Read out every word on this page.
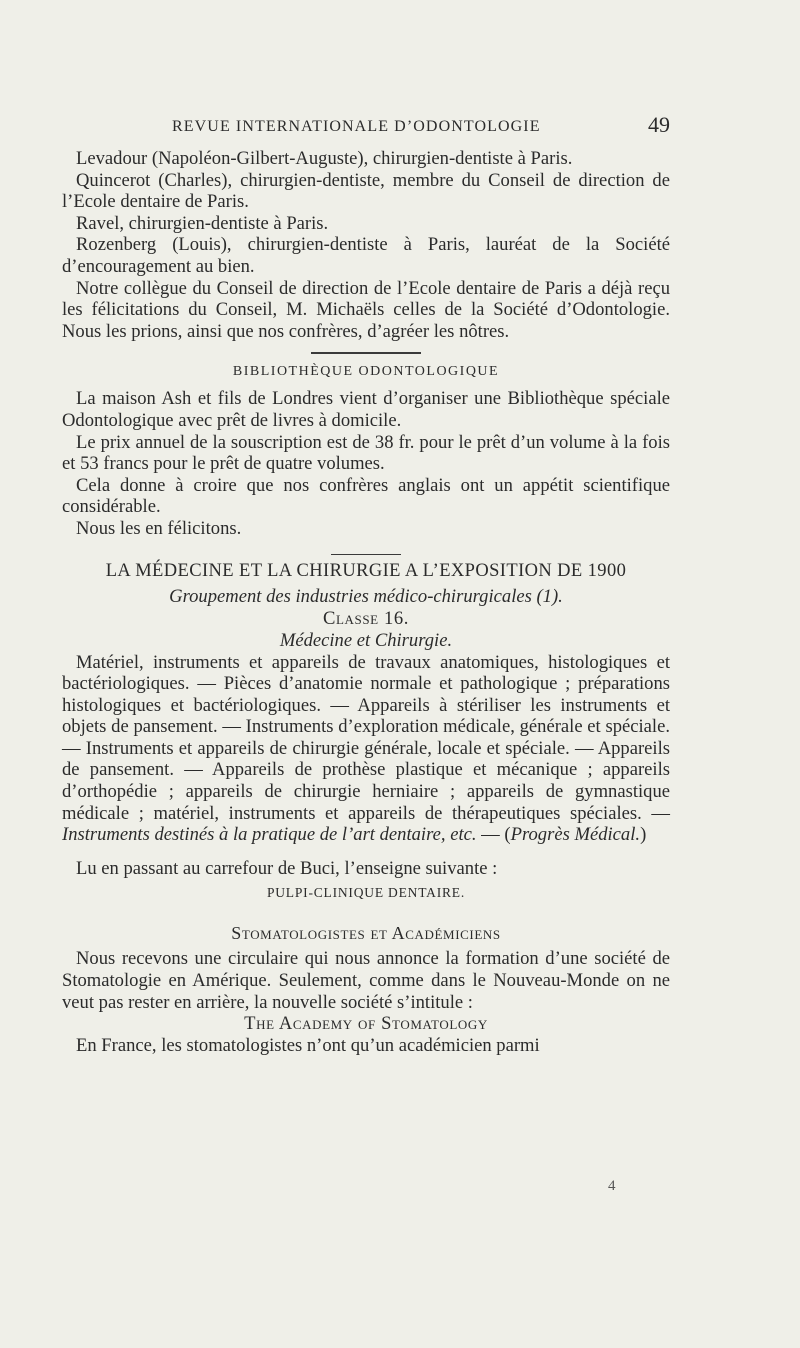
REVUE INTERNATIONALE D’ODONTOLOGIE	49

Levadour (Napoléon-Gilbert-Auguste), chirurgien-dentiste à Paris.

Quincerot (Charles), chirurgien-dentiste, membre du Conseil de direction de l’Ecole dentaire de Paris.

Ravel, chirurgien-dentiste à Paris.

Rozenberg (Louis), chirurgien-dentiste à Paris, lauréat de la Société d’encouragement au bien.

Notre collègue du Conseil de direction de l’Ecole dentaire de Paris a déjà reçu les félicitations du Conseil, M. Michaëls celles de la Société d’Odontologie. Nous les prions, ainsi que nos confrères, d’agréer les nôtres.

BIBLIOTHÈQUE ODONTOLOGIQUE

La maison Ash et fils de Londres vient d’organiser une Bibliothèque spéciale Odontologique avec prêt de livres à domicile.

Le prix annuel de la souscription est de 38 fr. pour le prêt d’un volume à la fois et 53 francs pour le prêt de quatre volumes.

Cela donne à croire que nos confrères anglais ont un appétit scientifique considérable.

Nous les en félicitons.

LA MÉDECINE ET LA CHIRURGIE A L’EXPOSITION DE 1900
Groupement des industries médico-chirurgicales (1).
Classe 16.
Médecine et Chirurgie.

Matériel, instruments et appareils de travaux anatomiques, histologiques et bactériologiques. — Pièces d’anatomie normale et pathologique ; préparations histologiques et bactériologiques. — Appareils à stériliser les instruments et objets de pansement. — Instruments d’exploration médicale, générale et spéciale. — Instruments et appareils de chirurgie générale, locale et spéciale. — Appareils de pansement. — Appareils de prothèse plastique et mécanique ; appareils d’orthopédie ; appareils de chirurgie herniaire ; appareils de gymnastique médicale ; matériel, instruments et appareils de thérapeutiques spéciales. — Instruments destinés à la pratique de l’art dentaire, etc. — (Progrès Médical.)

Lu en passant au carrefour de Buci, l’enseigne suivante :

PULPI-CLINIQUE DENTAIRE.
Stomatologistes et Académiciens

Nous recevons une circulaire qui nous annonce la formation d’une société de Stomatologie en Amérique. Seulement, comme dans le Nouveau-Monde on ne veut pas rester en arrière, la nouvelle société s’intitule :

The Academy of Stomatology

En France, les stomatologistes n’ont qu’un académicien parmi

4
